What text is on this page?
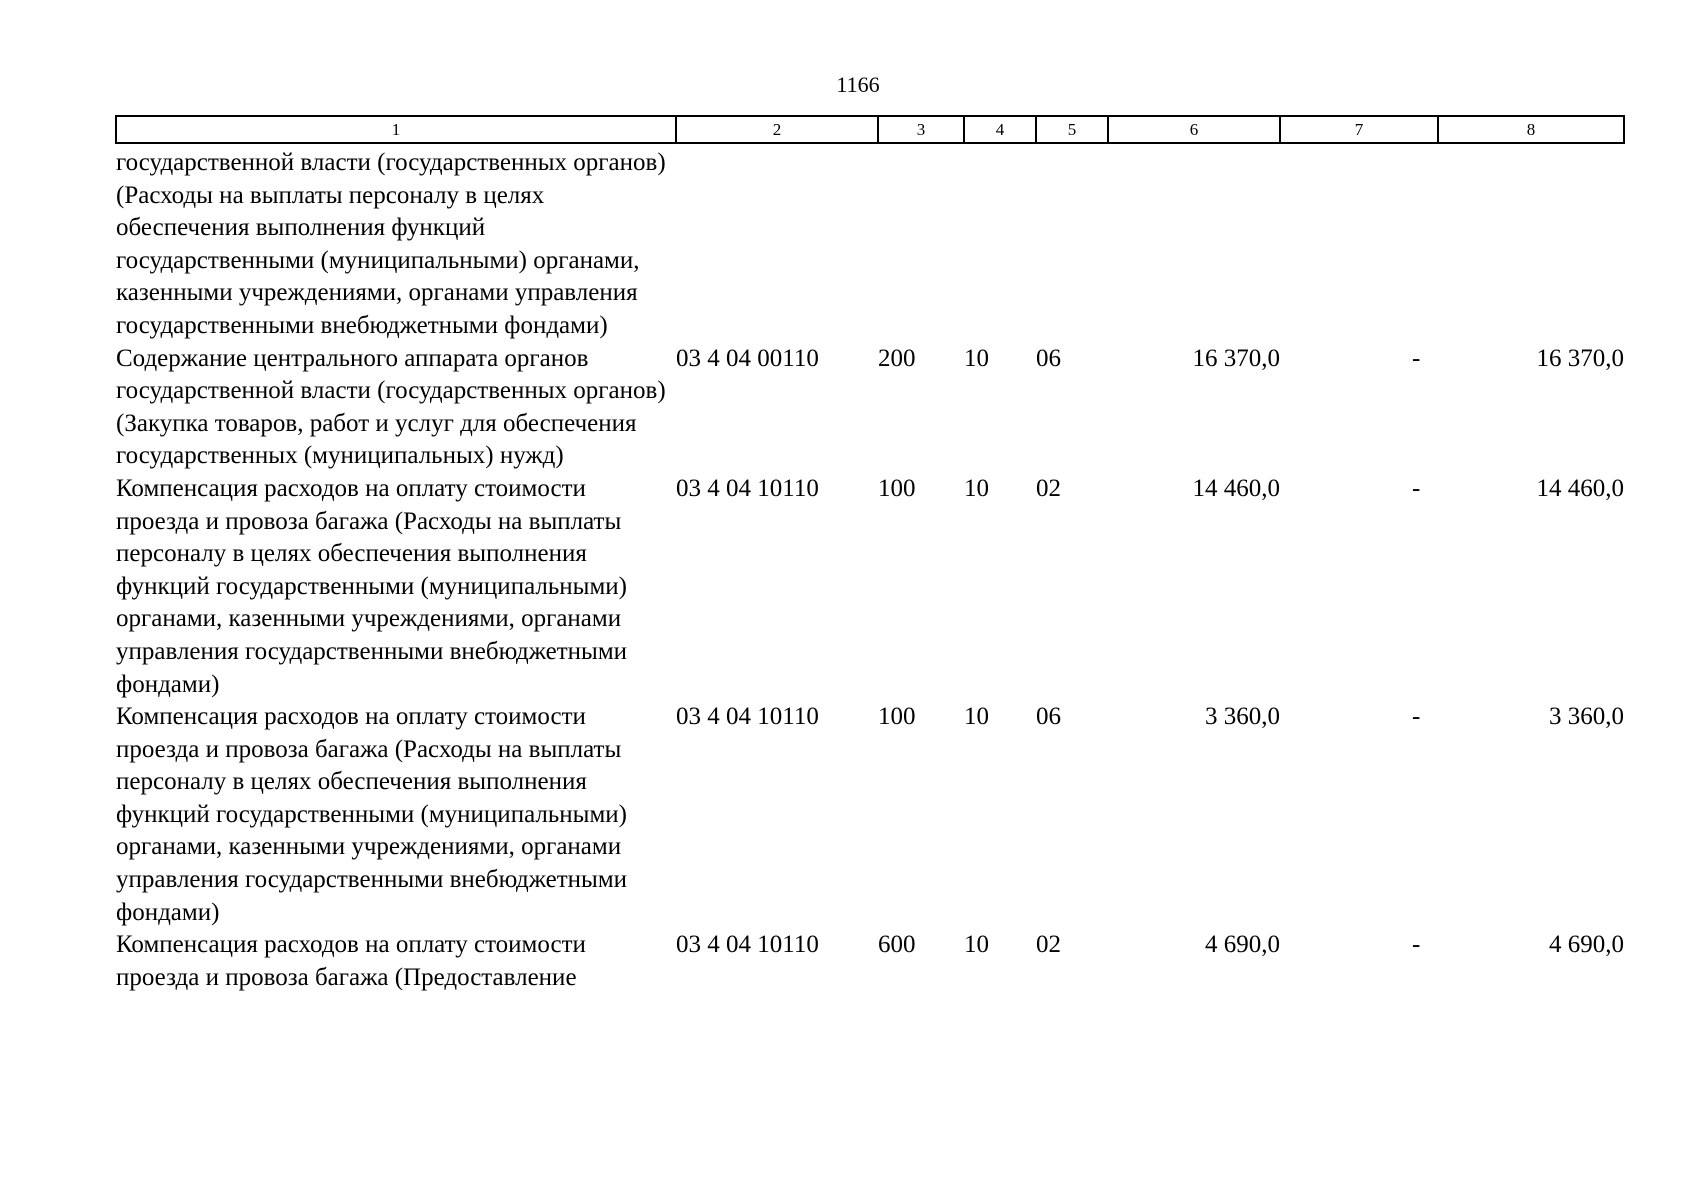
1166
1	2	3	4	5	6	7	8
государственной власти (государственных органов) (Расходы на выплаты персоналу в целях обеспечения выполнения функций государственными (муниципальными) органами, казенными учреждениями, органами управления государственными внебюджетными фондами)							
Содержание центрального аппарата органов государственной власти (государственных органов) (Закупка товаров, работ и услуг для обеспечения государственных (муниципальных) нужд)	03 4 04 00110	200	10	06	16 370,0	-	16 370,0
Компенсация расходов на оплату стоимости проезда и провоза багажа (Расходы на выплаты персоналу в целях обеспечения выполнения функций государственными (муниципальными) органами, казенными учреждениями, органами управления государственными внебюджетными фондами)	03 4 04 10110	100	10	02	14 460,0	-	14 460,0
Компенсация расходов на оплату стоимости проезда и провоза багажа (Расходы на выплаты персоналу в целях обеспечения выполнения функций государственными (муниципальными) органами, казенными учреждениями, органами управления государственными внебюджетными фондами)	03 4 04 10110	100	10	06	3 360,0	-	3 360,0
Компенсация расходов на оплату стоимости проезда и провоза багажа (Предоставление	03 4 04 10110	600	10	02	4 690,0	-	4 690,0
